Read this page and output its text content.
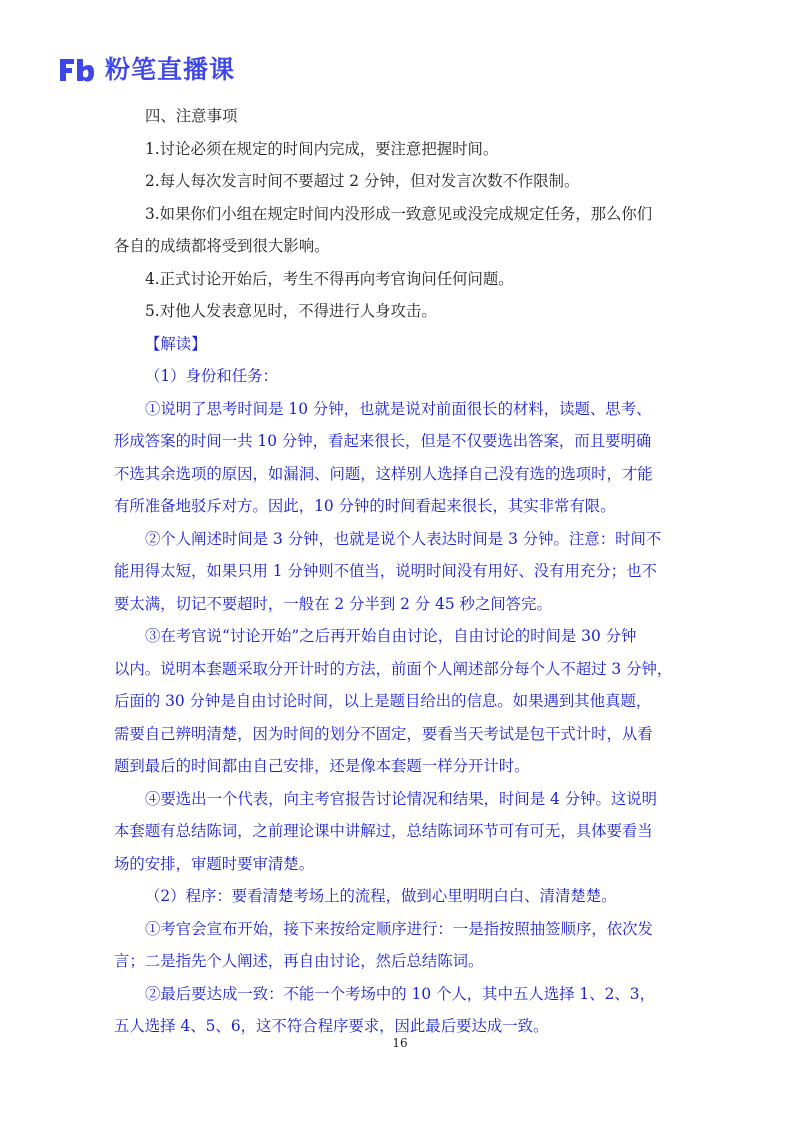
粉笔直播课
四、注意事项
1.讨论必须在规定的时间内完成，要注意把握时间。
2.每人每次发言时间不要超过 2 分钟，但对发言次数不作限制。
3.如果你们小组在规定时间内没形成一致意见或没完成规定任务，那么你们
各自的成绩都将受到很大影响。
4.正式讨论开始后，考生不得再向考官询问任何问题。
5.对他人发表意见时，不得进行人身攻击。
【解读】
（1）身份和任务：
①说明了思考时间是 10 分钟，也就是说对前面很长的材料，读题、思考、
形成答案的时间一共 10 分钟，看起来很长，但是不仅要选出答案，而且要明确
不选其余选项的原因，如漏洞、问题，这样别人选择自己没有选的选项时，才能
有所准备地驳斥对方。因此，10 分钟的时间看起来很长，其实非常有限。
②个人阐述时间是 3 分钟，也就是说个人表达时间是 3 分钟。注意：时间不
能用得太短，如果只用 1 分钟则不值当，说明时间没有用好、没有用充分；也不
要太满，切记不要超时，一般在 2 分半到 2 分 45 秒之间答完。
③在考官说“讨论开始”之后再开始自由讨论，自由讨论的时间是 30 分钟
以内。说明本套题采取分开计时的方法，前面个人阐述部分每个人不超过 3 分钟，
后面的 30 分钟是自由讨论时间，以上是题目给出的信息。如果遇到其他真题，
需要自己辨明清楚，因为时间的划分不固定，要看当天考试是包干式计时，从看
题到最后的时间都由自己安排，还是像本套题一样分开计时。
④要选出一个代表，向主考官报告讨论情况和结果，时间是 4 分钟。这说明
本套题有总结陈词，之前理论课中讲解过，总结陈词环节可有可无，具体要看当
场的安排，审题时要审清楚。
（2）程序：要看清楚考场上的流程，做到心里明明白白、清清楚楚。
①考官会宣布开始，接下来按给定顺序进行：一是指按照抽签顺序，依次发
言；二是指先个人阐述，再自由讨论，然后总结陈词。
②最后要达成一致：不能一个考场中的 10 个人，其中五人选择 1、2、3，
五人选择 4、5、6，这不符合程序要求，因此最后要达成一致。
16
